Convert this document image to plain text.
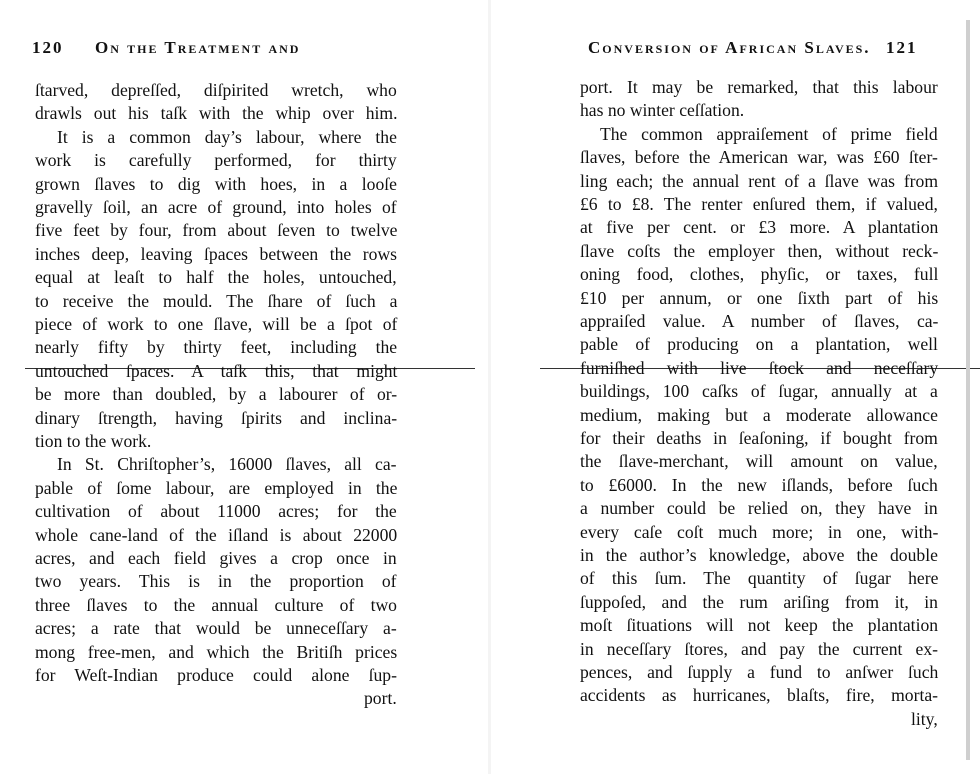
120 On the Treatment and
ſtarved, depreſſed, diſpirited wretch, who
drawls out his taſk with the whip over him.
It is a common day’s labour, where the
work is carefully performed, for thirty
grown ſlaves to dig with hoes, in a looſe
gravelly ſoil, an acre of ground, into holes of
five feet by four, from about ſeven to twelve
inches deep, leaving ſpaces between the rows
equal at leaſt to half the holes, untouched,
to receive the mould. The ſhare of ſuch a
piece of work to one ſlave, will be a ſpot of
nearly fifty by thirty feet, including the
untouched ſpaces. A taſk this, that might
be more than doubled, by a labourer of or-
dinary ſtrength, having ſpirits and inclina-
tion to the work.
In St. Chriſtopher’s, 16000 ſlaves, all ca-
pable of ſome labour, are employed in the
cultivation of about 11000 acres; for the
whole cane-land of the iſland is about 22000
acres, and each field gives a crop once in
two years. This is in the proportion of
three ſlaves to the annual culture of two
acres; a rate that would be unneceſſary a-
mong free-men, and which the Britiſh prices
for Weſt-Indian produce could alone ſup-
port.
Conversion of African Slaves. 121
port. It may be remarked, that this labour
has no winter ceſſation.
The common appraiſement of prime field
ſlaves, before the American war, was £60 ſter-
ling each; the annual rent of a ſlave was from
£6 to £8. The renter enſured them, if valued,
at five per cent. or £3 more. A plantation
ſlave coſts the employer then, without reck-
oning food, clothes, phyſic, or taxes, full
£10 per annum, or one ſixth part of his
appraiſed value. A number of ſlaves, ca-
pable of producing on a plantation, well
furniſhed with live ſtock and neceſſary
buildings, 100 caſks of ſugar, annually at a
medium, making but a moderate allowance
for their deaths in ſeaſoning, if bought from
the ſlave-merchant, will amount on value,
to £6000. In the new iſlands, before ſuch
a number could be relied on, they have in
every caſe coſt much more; in one, with-
in the author’s knowledge, above the double
of this ſum. The quantity of ſugar here
ſuppoſed, and the rum ariſing from it, in
moſt ſituations will not keep the plantation
in neceſſary ſtores, and pay the current ex-
pences, and ſupply a fund to anſwer ſuch
accidents as hurricanes, blaſts, fire, morta-
lity,
